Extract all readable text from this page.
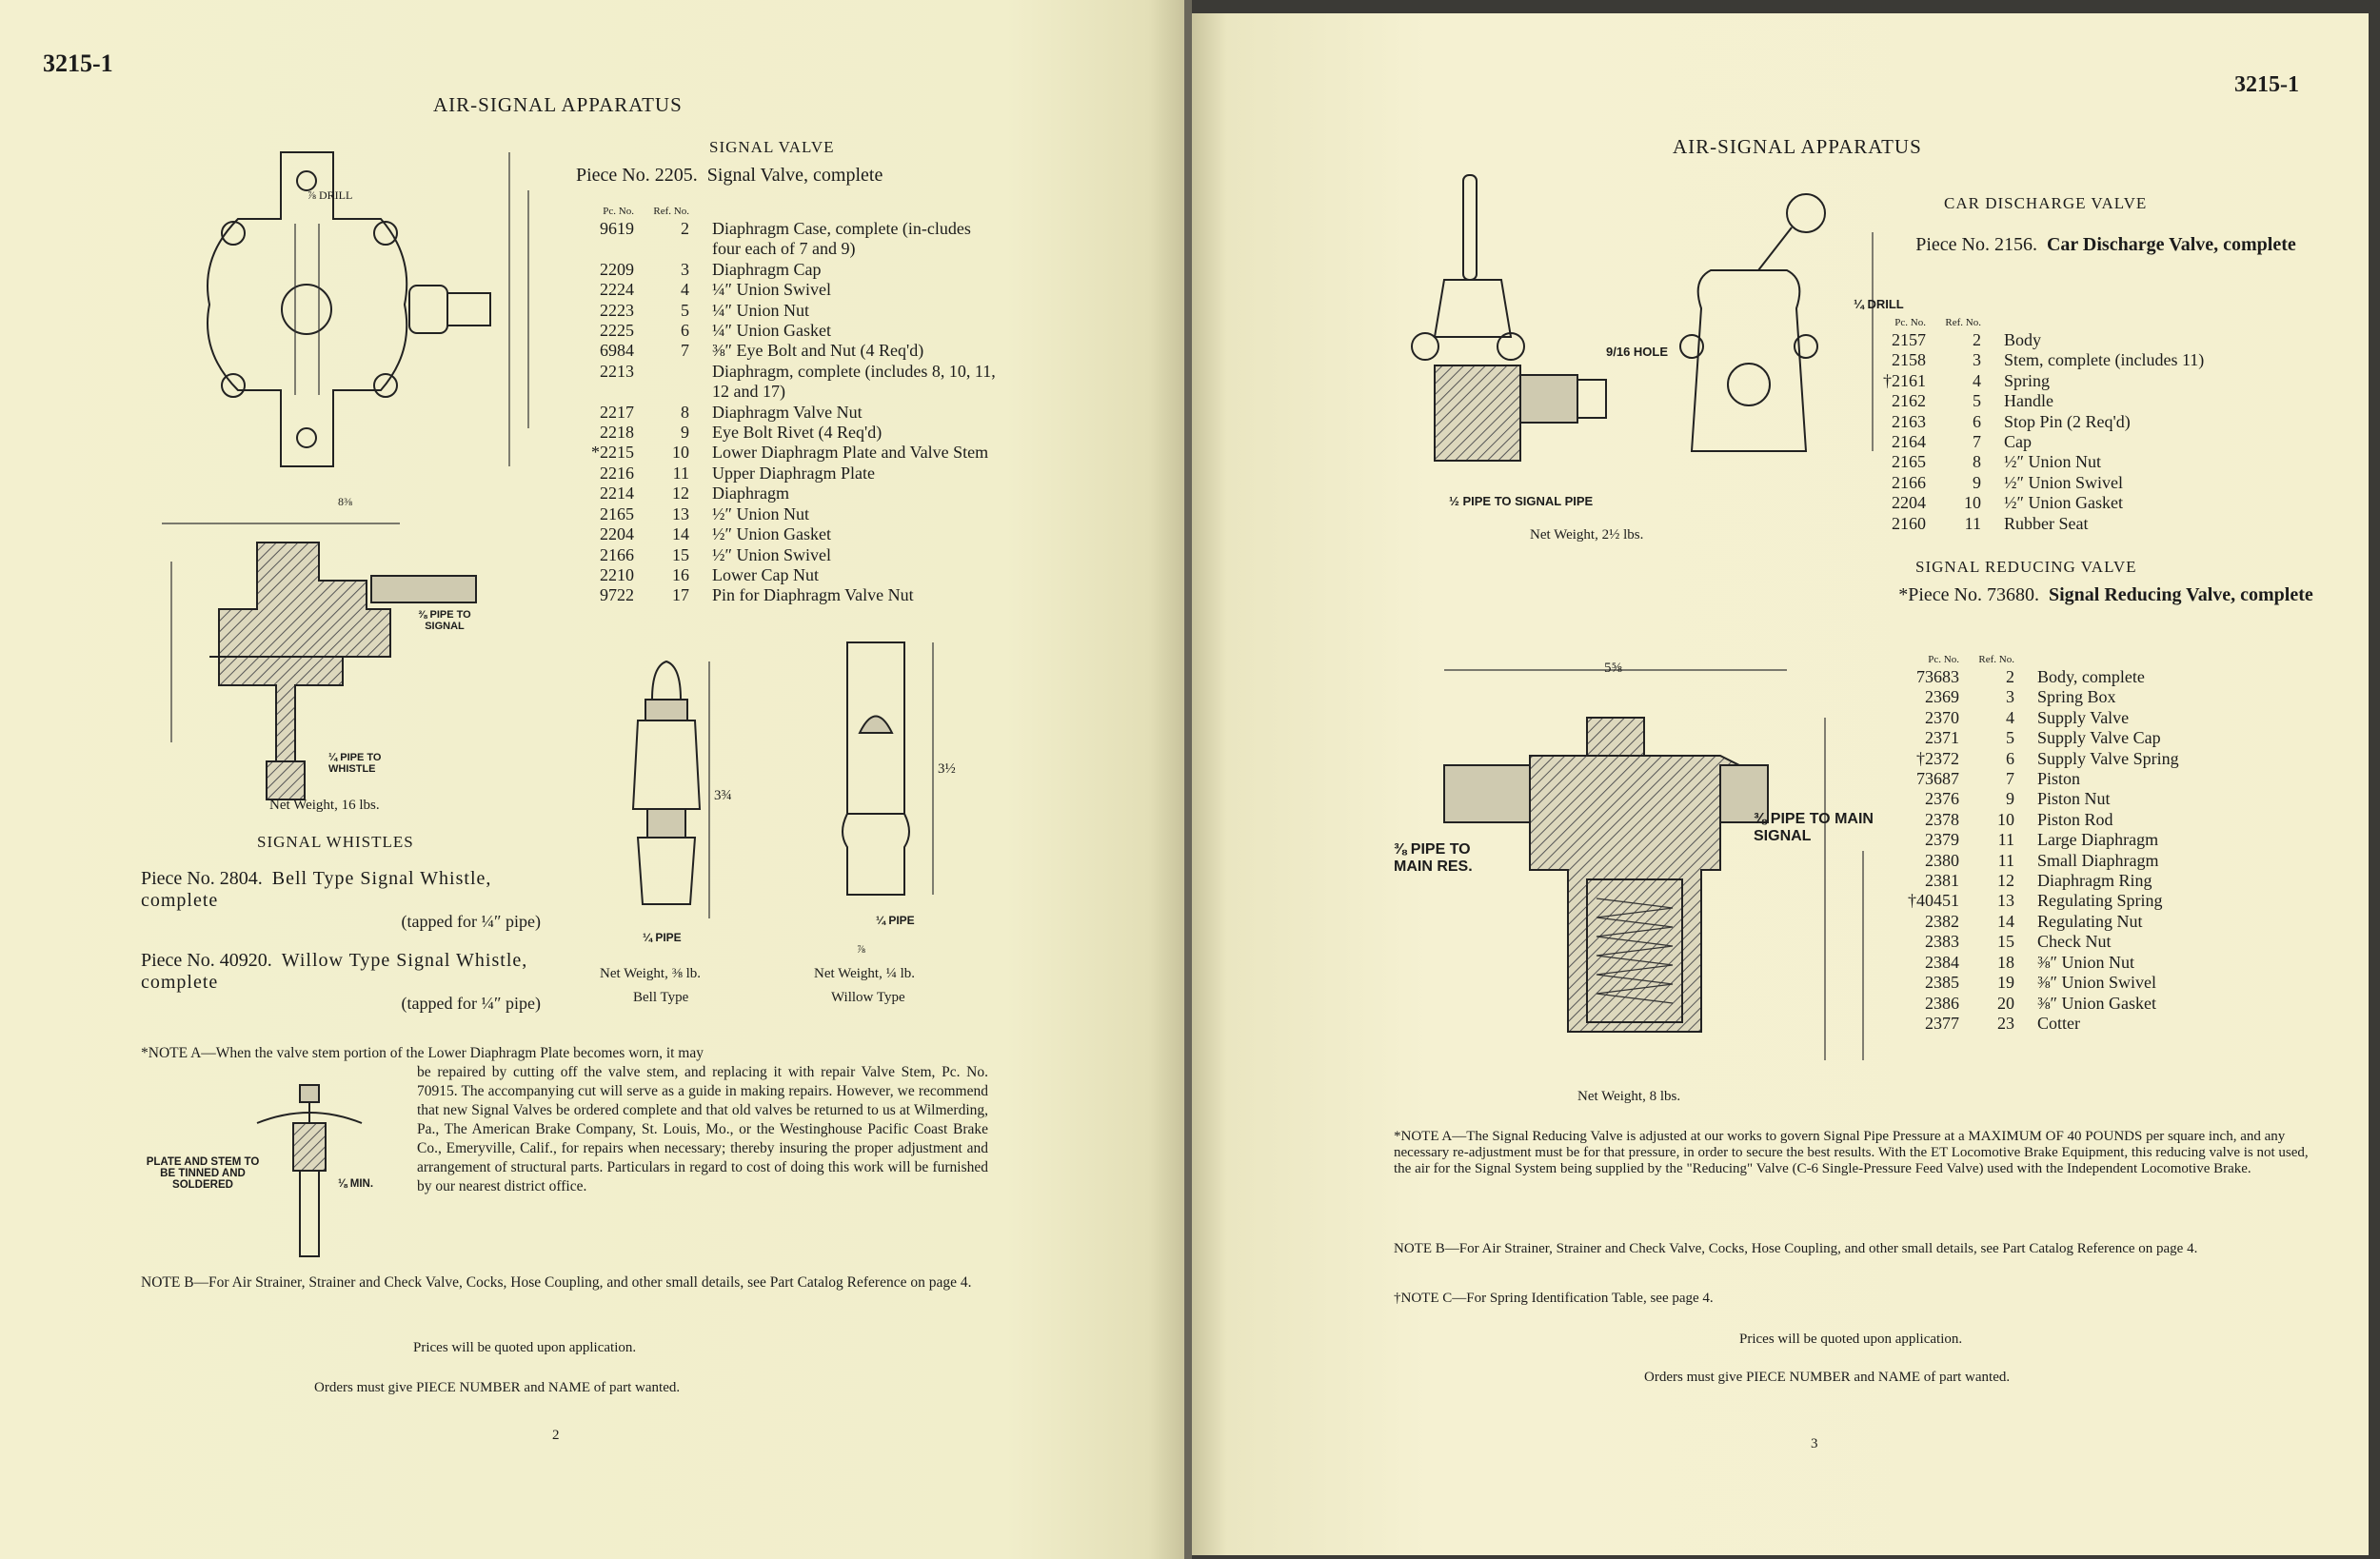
3215-1
AIR-SIGNAL APPARATUS
⅞ DRILL
⅜ PIPE TO SIGNAL
¼ PIPE TO WHISTLE
8⅜
Net Weight, 16 lbs.
SIGNAL VALVE
Piece No. 2205. Signal Valve, complete
Pc. No.	Ref. No.	
9619	2	Diaphragm Case, complete (in-cludes four each of 7 and 9)
2209	3	Diaphragm Cap
2224	4	¼″ Union Swivel
2223	5	¼″ Union Nut
2225	6	¼″ Union Gasket
6984	7	⅜″ Eye Bolt and Nut (4 Req'd)
2213		Diaphragm, complete (includes 8, 10, 11, 12 and 17)
2217	8	Diaphragm Valve Nut
2218	9	Eye Bolt Rivet (4 Req'd)
*2215	10	Lower Diaphragm Plate and Valve Stem
2216	11	Upper Diaphragm Plate
2214	12	Diaphragm
2165	13	½″ Union Nut
2204	14	½″ Union Gasket
2166	15	½″ Union Swivel
2210	16	Lower Cap Nut
9722	17	Pin for Diaphragm Valve Nut
3¾
¼ PIPE
3½
¼ PIPE
⅞
Net Weight, ⅜ lb.
Bell Type
Net Weight, ¼ lb.
Willow Type
SIGNAL WHISTLES
Piece No. 2804. Bell Type Signal Whistle, complete
(tapped for ¼″ pipe)
Piece No. 40920. Willow Type Signal Whistle, complete
(tapped for ¼″ pipe)
*NOTE A—When the valve stem portion of the Lower Diaphragm Plate becomes worn, it may
be repaired by cutting off the valve stem, and replacing it with repair Valve Stem, Pc. No. 70915. The accompanying cut will serve as a guide in making repairs. However, we recommend that new Signal Valves be ordered complete and that old valves be returned to us at Wilmerding, Pa., The American Brake Company, St. Louis, Mo., or the Westinghouse Pacific Coast Brake Co., Emeryville, Calif., for repairs when necessary; thereby insuring the proper adjustment and arrangement of structural parts. Particulars in regard to cost of doing this work will be furnished by our nearest district office.
PLATE AND STEM TO BE TINNED AND SOLDERED	⅛ MIN.
NOTE B—For Air Strainer, Strainer and Check Valve, Cocks, Hose Coupling, and other small details, see Part Catalog Reference on page 4.
Prices will be quoted upon application.
Orders must give PIECE NUMBER and NAME of part wanted.
2
3215-1
AIR-SIGNAL APPARATUS
9/16 HOLE
¼ DRILL
½ PIPE TO SIGNAL PIPE
Net Weight, 2½ lbs.
CAR DISCHARGE VALVE
Piece No. 2156. Car Discharge Valve, complete
Pc. No.	Ref. No.	
2157	2	Body
2158	3	Stem, complete (includes 11)
†2161	4	Spring
2162	5	Handle
2163	6	Stop Pin (2 Req'd)
2164	7	Cap
2165	8	½″ Union Nut
2166	9	½″ Union Swivel
2204	10	½″ Union Gasket
2160	11	Rubber Seat
SIGNAL REDUCING VALVE
*Piece No. 73680. Signal Reducing Valve, complete
Pc. No.	Ref. No.	
73683	2	Body, complete
2369	3	Spring Box
2370	4	Supply Valve
2371	5	Supply Valve Cap
†2372	6	Supply Valve Spring
73687	7	Piston
2376	9	Piston Nut
2378	10	Piston Rod
2379	11	Large Diaphragm
2380	11	Small Diaphragm
2381	12	Diaphragm Ring
†40451	13	Regulating Spring
2382	14	Regulating Nut
2383	15	Check Nut
2384	18	⅜″ Union Nut
2385	19	⅜″ Union Swivel
2386	20	⅜″ Union Gasket
2377	23	Cotter
⅜ PIPE TO MAIN SIGNAL
⅜ PIPE TO MAIN RES.
5⅝
Net Weight, 8 lbs.
*NOTE A—The Signal Reducing Valve is adjusted at our works to govern Signal Pipe Pressure at a MAXIMUM OF 40 POUNDS per square inch, and any necessary re-adjustment must be for that pressure, in order to secure the best results. With the ET Locomotive Brake Equipment, this reducing valve is not used, the air for the Signal System being supplied by the "Reducing" Valve (C-6 Single-Pressure Feed Valve) used with the Independent Locomotive Brake.
NOTE B—For Air Strainer, Strainer and Check Valve, Cocks, Hose Coupling, and other small details, see Part Catalog Reference on page 4.
†NOTE C—For Spring Identification Table, see page 4.
Prices will be quoted upon application.
Orders must give PIECE NUMBER and NAME of part wanted.
3
